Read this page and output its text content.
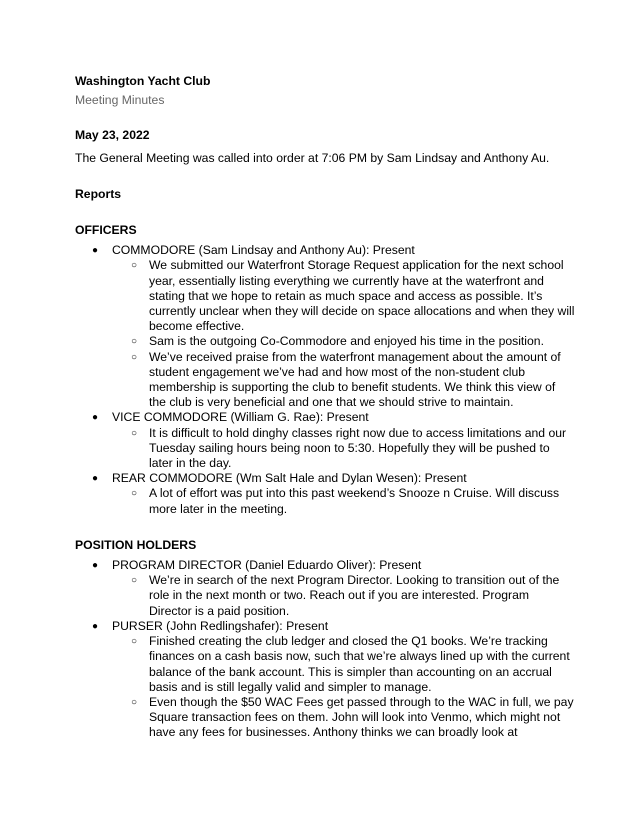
Washington Yacht Club

Meeting Minutes

May 23, 2022

The General Meeting was called into order at 7:06 PM by Sam Lindsay and Anthony Au.

Reports

OFFICERS

● COMMODORE (Sam Lindsay and Anthony Au): Present
○ We submitted our Waterfront Storage Request application for the next school year, essentially listing everything we currently have at the waterfront and stating that we hope to retain as much space and access as possible. It’s currently unclear when they will decide on space allocations and when they will become effective.
○ Sam is the outgoing Co-Commodore and enjoyed his time in the position.
○ We’ve received praise from the waterfront management about the amount of student engagement we’ve had and how most of the non-student club membership is supporting the club to benefit students. We think this view of the club is very beneficial and one that we should strive to maintain.
● VICE COMMODORE (William G. Rae): Present
○ It is difficult to hold dinghy classes right now due to access limitations and our Tuesday sailing hours being noon to 5:30. Hopefully they will be pushed to later in the day.
● REAR COMMODORE (Wm Salt Hale and Dylan Wesen): Present
○ A lot of effort was put into this past weekend’s Snooze n Cruise. Will discuss more later in the meeting.

POSITION HOLDERS

● PROGRAM DIRECTOR (Daniel Eduardo Oliver): Present
○ We’re in search of the next Program Director. Looking to transition out of the role in the next month or two. Reach out if you are interested. Program Director is a paid position.
● PURSER (John Redlingshafer): Present
○ Finished creating the club ledger and closed the Q1 books. We’re tracking finances on a cash basis now, such that we’re always lined up with the current balance of the bank account. This is simpler than accounting on an accrual basis and is still legally valid and simpler to manage.
○ Even though the $50 WAC Fees get passed through to the WAC in full, we pay Square transaction fees on them. John will look into Venmo, which might not have any fees for businesses. Anthony thinks we can broadly look at
